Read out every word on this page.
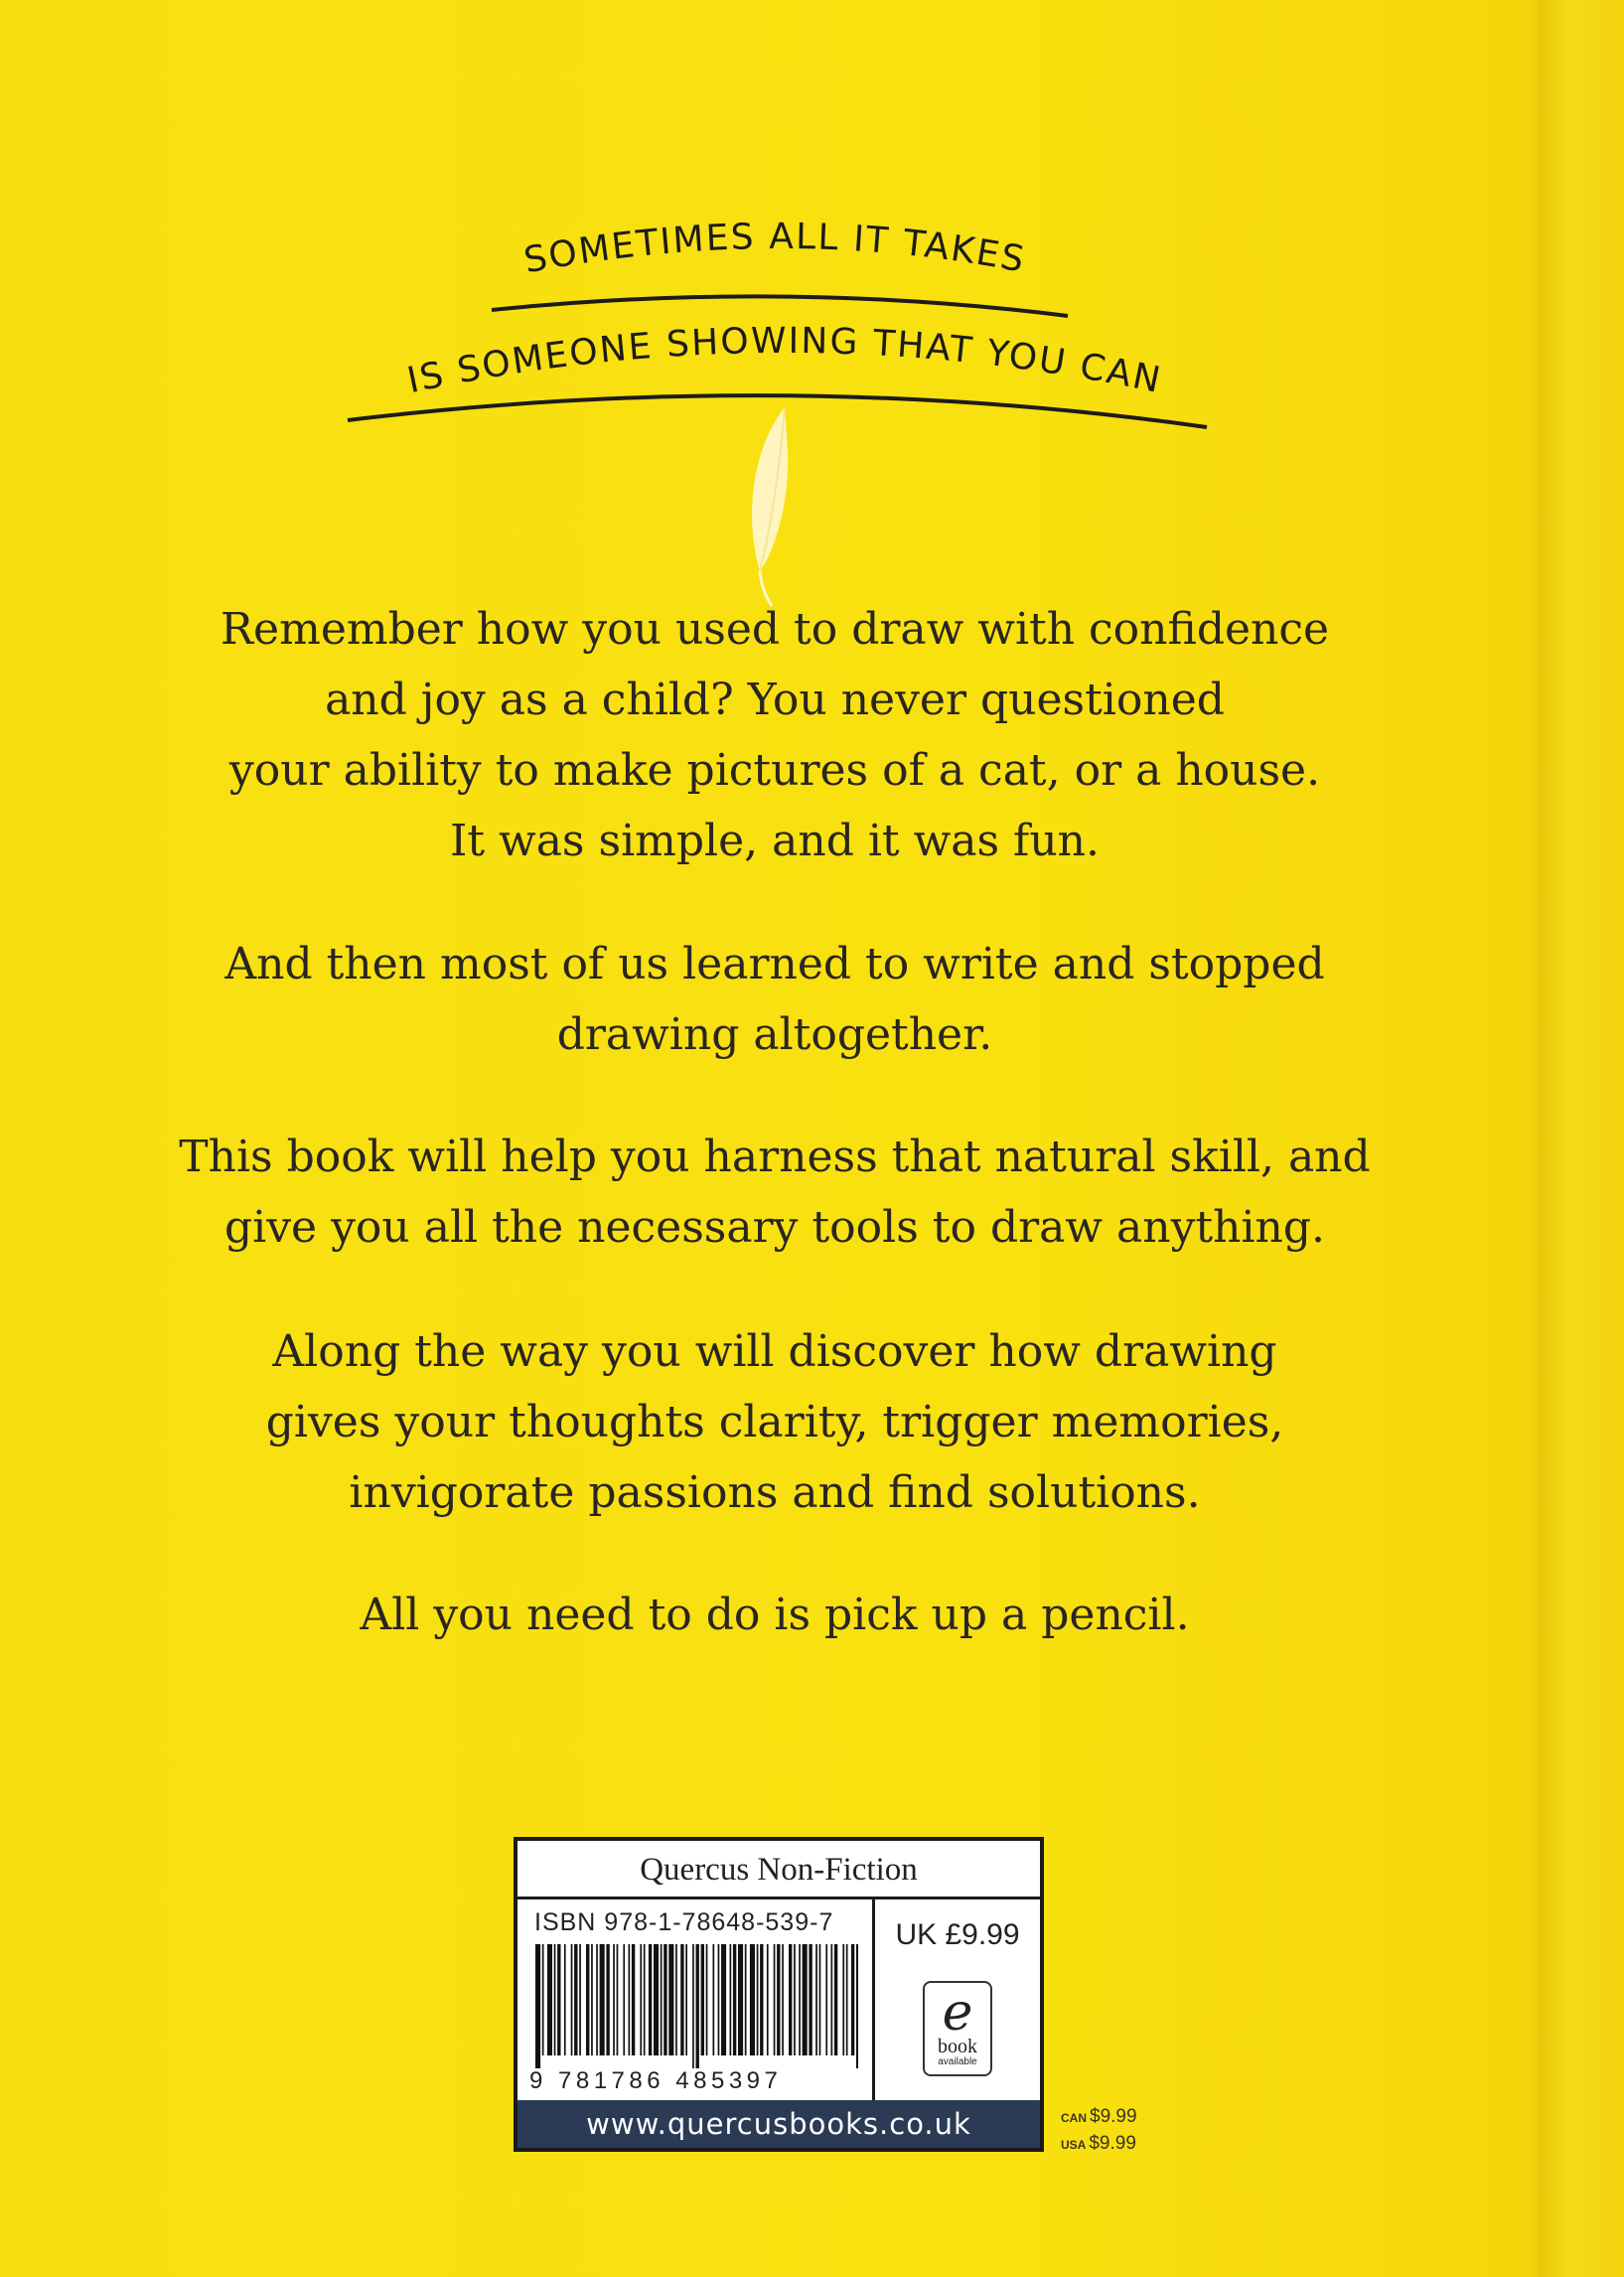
SOMETIMES ALL IT TAKES
IS SOMEONE SHOWING THAT YOU CAN
Remember how you used to draw with confidence
and joy as a child? You never questioned
your ability to make pictures of a cat, or a house.
It was simple, and it was fun.
And then most of us learned to write and stopped
drawing altogether.
This book will help you harness that natural skill, and
give you all the necessary tools to draw anything.
Along the way you will discover how drawing
gives your thoughts clarity, trigger memories,
invigorate passions and find solutions.
All you need to do is pick up a pencil.
Quercus Non-Fiction
ISBN 978-1-78648-539-7
9 781786 485397
UK £9.99
e
book
available
www.quercusbooks.co.uk	CAN $9.99
USA $9.99
